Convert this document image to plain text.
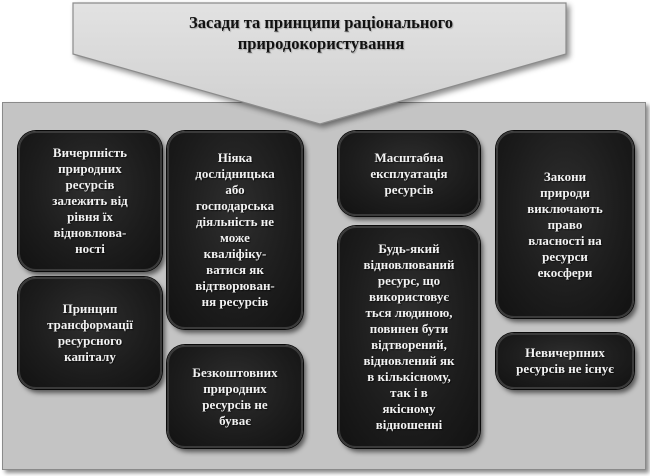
Засади та принципи раціонального
природокористування
Вичерпність
природних
ресурсів
залежить від
рівня їх
відновлюва-
ності
Принцип
трансформації
ресурсного
капіталу
Ніяка
дослідницька
або
господарська
діяльність не
може
кваліфіку-
ватися як
відтворюван-
ня ресурсів
Безкоштовних
природних
ресурсів не
буває
Масштабна
експлуатація
ресурсів
Будь-який
відновлюваний
ресурс, що
використовує
ться людиною,
повинен бути
відтворений,
відновлений як
в кількісному,
так і в
якісному
відношенні
Закони
природи
виключають
право
власності на
ресурси
екосфери
Невичерпних
ресурсів не існує
